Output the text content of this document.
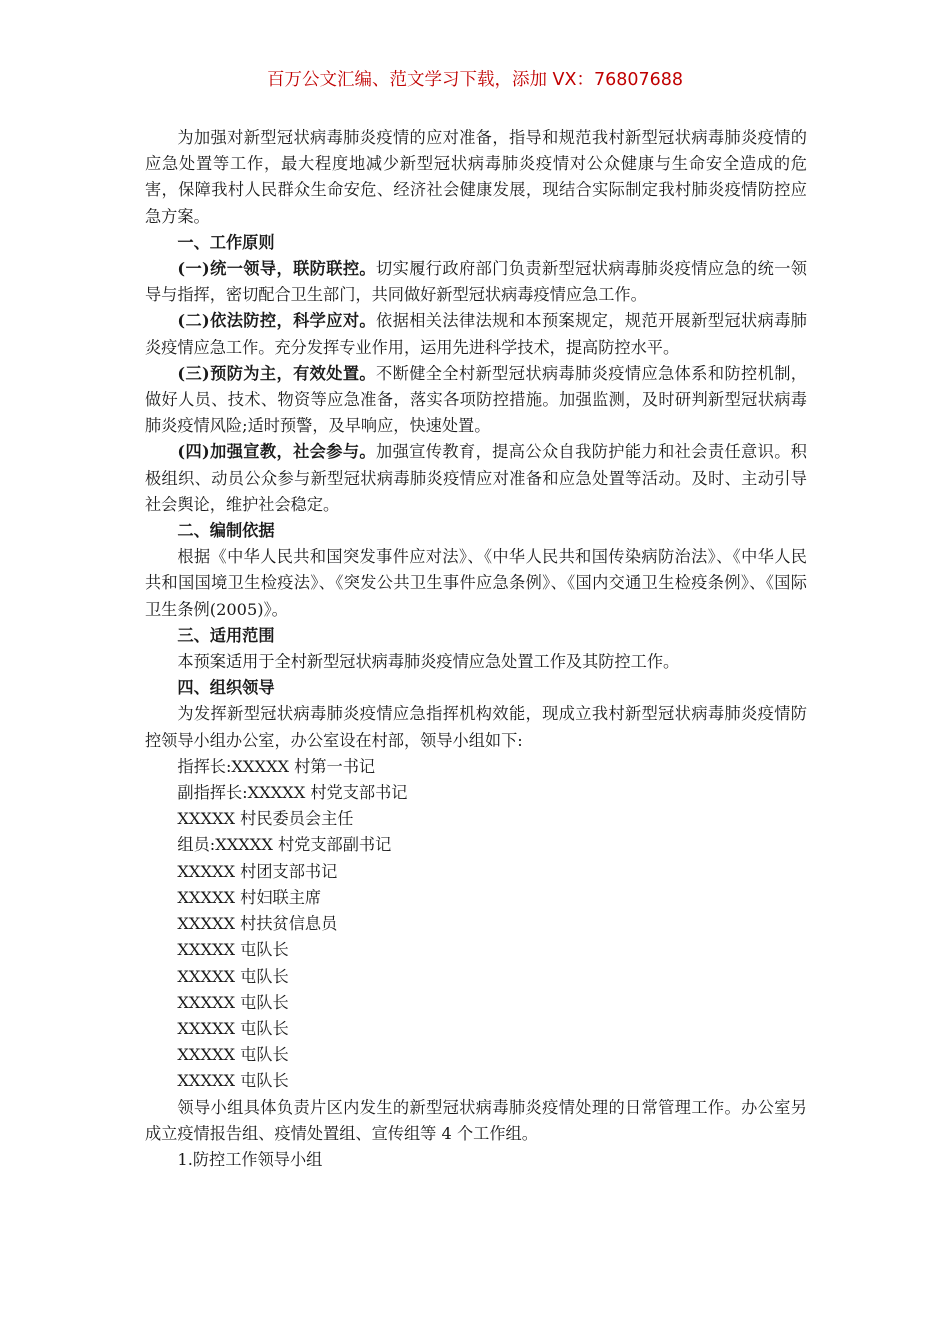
百万公文汇编、范文学习下载，添加 VX：76807688

为加强对新型冠状病毒肺炎疫情的应对准备，指导和规范我村新型冠状病毒肺炎疫情的应急处置等工作，最大程度地减少新型冠状病毒肺炎疫情对公众健康与生命安全造成的危害，保障我村人民群众生命安危、经济社会健康发展，现结合实际制定我村肺炎疫情防控应急方案。

一、工作原则

(一)统一领导，联防联控。切实履行政府部门负责新型冠状病毒肺炎疫情应急的统一领导与指挥，密切配合卫生部门，共同做好新型冠状病毒疫情应急工作。

(二)依法防控，科学应对。依据相关法律法规和本预案规定，规范开展新型冠状病毒肺炎疫情应急工作。充分发挥专业作用，运用先进科学技术，提高防控水平。

(三)预防为主，有效处置。不断健全全村新型冠状病毒肺炎疫情应急体系和防控机制，做好人员、技术、物资等应急准备，落实各项防控措施。加强监测，及时研判新型冠状病毒肺炎疫情风险;适时预警，及早响应，快速处置。

(四)加强宣教，社会参与。加强宣传教育，提高公众自我防护能力和社会责任意识。积极组织、动员公众参与新型冠状病毒肺炎疫情应对准备和应急处置等活动。及时、主动引导社会舆论，维护社会稳定。

二、编制依据

根据《中华人民共和国突发事件应对法》、《中华人民共和国传染病防治法》、《中华人民共和国国境卫生检疫法》、《突发公共卫生事件应急条例》、《国内交通卫生检疫条例》、《国际卫生条例(2005)》。

三、适用范围

本预案适用于全村新型冠状病毒肺炎疫情应急处置工作及其防控工作。

四、组织领导

为发挥新型冠状病毒肺炎疫情应急指挥机构效能，现成立我村新型冠状病毒肺炎疫情防控领导小组办公室，办公室设在村部，领导小组如下:

指挥长:XXXXX 村第一书记

副指挥长:XXXXX 村党支部书记

XXXXX 村民委员会主任

组员:XXXXX 村党支部副书记

XXXXX 村团支部书记

XXXXX 村妇联主席

XXXXX 村扶贫信息员

XXXXX 屯队长

XXXXX 屯队长

XXXXX 屯队长

XXXXX 屯队长

XXXXX 屯队长

XXXXX 屯队长

领导小组具体负责片区内发生的新型冠状病毒肺炎疫情处理的日常管理工作。办公室另成立疫情报告组、疫情处置组、宣传组等 4 个工作组。

1.防控工作领导小组
